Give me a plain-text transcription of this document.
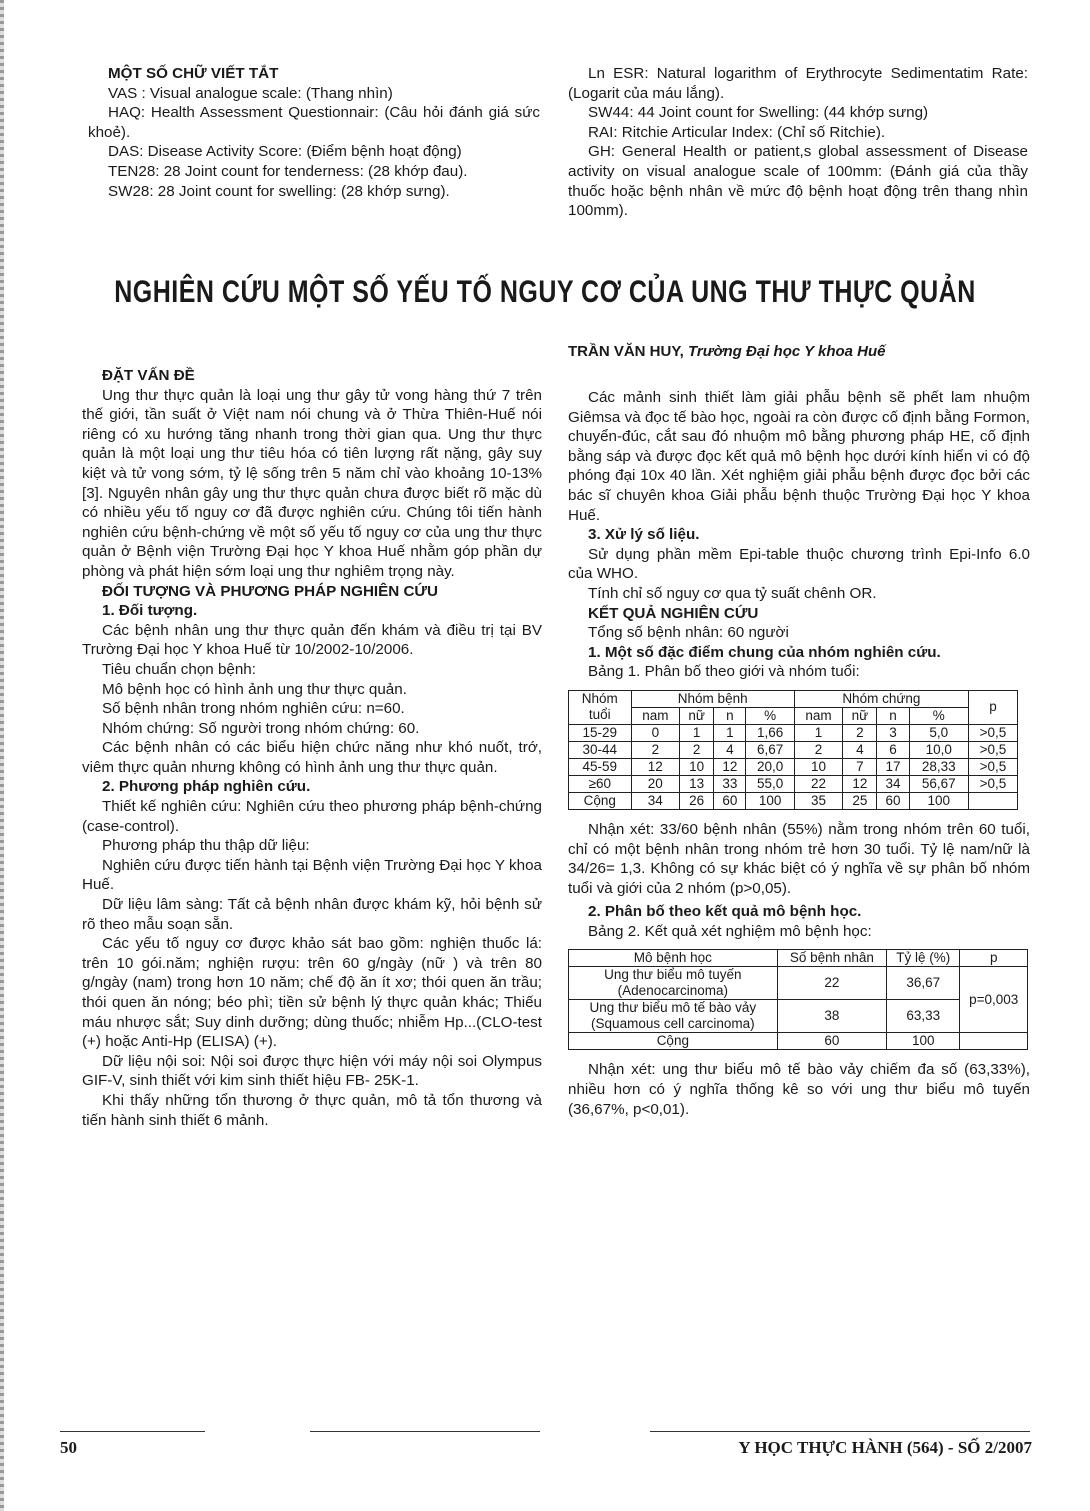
MỘT SỐ CHỮ VIẾT TẮT

VAS : Visual analogue scale: (Thang nhìn)

HAQ: Health Assessment Questionnair: (Câu hỏi đánh giá sức khoẻ).

DAS: Disease Activity Score: (Điểm bệnh hoạt động)

TEN28: 28 Joint count for tenderness: (28 khớp đau).

SW28: 28 Joint count for swelling: (28 khớp sưng).

Ln ESR: Natural logarithm of Erythrocyte Sedimentatim Rate: (Logarit của máu lắng).

SW44: 44 Joint count for Swelling: (44 khớp sưng)

RAI: Ritchie Articular Index: (Chỉ số Ritchie).

GH: General Health or patient,s global assessment of Disease activity on visual analogue scale of 100mm: (Đánh giá của thầy thuốc hoặc bệnh nhân về mức độ bệnh hoạt động trên thang nhìn 100mm).

NGHIÊN CỨU MỘT SỐ YẾU TỐ NGUY CƠ CỦA UNG THƯ THỰC QUẢN
TRẦN VĂN HUY, Trường Đại học Y khoa Huế
ĐẶT VẤN ĐỀ

Ung thư thực quản là loại ung thư gây tử vong hàng thứ 7 trên thế giới, tần suất ở Việt nam nói chung và ở Thừa Thiên-Huế nói riêng có xu hướng tăng nhanh trong thời gian qua. Ung thư thực quản là một loại ung thư tiêu hóa có tiên lượng rất nặng, gây suy kiệt và tử vong sớm, tỷ lệ sống trên 5 năm chỉ vào khoảng 10-13% [3]. Nguyên nhân gây ung thư thực quản chưa được biết rõ mặc dù có nhiều yếu tố nguy cơ đã được nghiên cứu. Chúng tôi tiến hành nghiên cứu bệnh-chứng về một số yếu tố nguy cơ của ung thư thực quản ở Bệnh viện Trường Đại học Y khoa Huế nhằm góp phần dự phòng và phát hiện sớm loại ung thư nghiêm trọng này.

ĐỐI TƯỢNG VÀ PHƯƠNG PHÁP NGHIÊN CỨU
1. Đối tượng.

Các bệnh nhân ung thư thực quản đến khám và điều trị tại BV Trường Đại học Y khoa Huế từ 10/2002-10/2006.

Tiêu chuẩn chọn bệnh:

Mô bệnh học có hình ảnh ung thư thực quản.

Số bệnh nhân trong nhóm nghiên cứu: n=60.

Nhóm chứng: Số người trong nhóm chứng: 60.

Các bệnh nhân có các biểu hiện chức năng như khó nuốt, trớ, viêm thực quản nhưng không có hình ảnh ung thư thực quản.

2. Phương pháp nghiên cứu.

Thiết kế nghiên cứu: Nghiên cứu theo phương pháp bệnh-chứng (case-control).

Phương pháp thu thập dữ liệu:

Nghiên cứu được tiến hành tại Bệnh viện Trường Đại học Y khoa Huế.

Dữ liệu lâm sàng: Tất cả bệnh nhân được khám kỹ, hỏi bệnh sử rõ theo mẫu soạn sẵn.

Các yếu tố nguy cơ được khảo sát bao gồm: nghiện thuốc lá: trên 10 gói.năm; nghiện rượu: trên 60 g/ngày (nữ ) và trên 80 g/ngày (nam) trong hơn 10 năm; chế độ ăn ít xơ; thói quen ăn trầu; thói quen ăn nóng; béo phì; tiền sử bệnh lý thực quản khác; Thiếu máu nhược sắt; Suy dinh dưỡng; dùng thuốc; nhiễm Hp...(CLO-test (+) hoặc Anti-Hp (ELISA) (+).

Dữ liệu nội soi: Nội soi được thực hiện với máy nội soi Olympus GIF-V, sinh thiết với kim sinh thiết hiệu FB- 25K-1.

Khi thấy những tổn thương ở thực quản, mô tả tổn thương và tiến hành sinh thiết 6 mảnh.

Các mảnh sinh thiết làm giải phẫu bệnh sẽ phết lam nhuộm Giêmsa và đọc tế bào học, ngoài ra còn được cố định bằng Formon, chuyển-đúc, cắt sau đó nhuộm mô bằng phương pháp HE, cố định bằng sáp và được đọc kết quả mô bệnh học dưới kính hiển vi có độ phóng đại 10x 40 lần. Xét nghiệm giải phẫu bệnh được đọc bởi các bác sĩ chuyên khoa Giải phẫu bệnh thuộc Trường Đại học Y khoa Huế.

3. Xử lý số liệu.

Sử dụng phần mềm Epi-table thuộc chương trình Epi-Info 6.0 của WHO.

Tính chỉ số nguy cơ qua tỷ suất chênh OR.

KẾT QUẢ NGHIÊN CỨU

Tổng số bệnh nhân: 60 người

1. Một số đặc điểm chung của nhóm nghiên cứu.

Bảng 1. Phân bố theo giới và nhóm tuổi:

Nhóm
tuổi	Nhóm bệnh				Nhóm chứng				p
	nam	nữ	n	%	nam	nữ	n	%	
15-29	0	1	1	1,66	1	2	3	5,0	>0,5
30-44	2	2	4	6,67	2	4	6	10,0	>0,5
45-59	12	10	12	20,0	10	7	17	28,33	>0,5
≥60	20	13	33	55,0	22	12	34	56,67	>0,5
Cộng	34	26	60	100	35	25	60	100	

Nhận xét: 33/60 bệnh nhân (55%) nằm trong nhóm trên 60 tuổi, chỉ có một bệnh nhân trong nhóm trẻ hơn 30 tuổi. Tỷ lệ nam/nữ là 34/26= 1,3. Không có sự khác biệt có ý nghĩa về sự phân bố nhóm tuổi và giới của 2 nhóm (p>0,05).

2. Phân bố theo kết quả mô bệnh học.

Bảng 2. Kết quả xét nghiệm mô bệnh học:

Mô bệnh học	Số bệnh nhân	Tỷ lệ (%)	p
Ung thư biểu mô tuyến
(Adenocarcinoma)	22	36,67	p=0,003
Ung thư biểu mô tế bào vảy
(Squamous cell carcinoma)	38	63,33	
Cộng	60	100	

Nhận xét: ung thư biểu mô tế bào vảy chiếm đa số (63,33%), nhiều hơn có ý nghĩa thống kê so với ung thư biểu mô tuyến (36,67%, p<0,01).

50	Y HỌC THỰC HÀNH (564) - SỐ 2/2007
